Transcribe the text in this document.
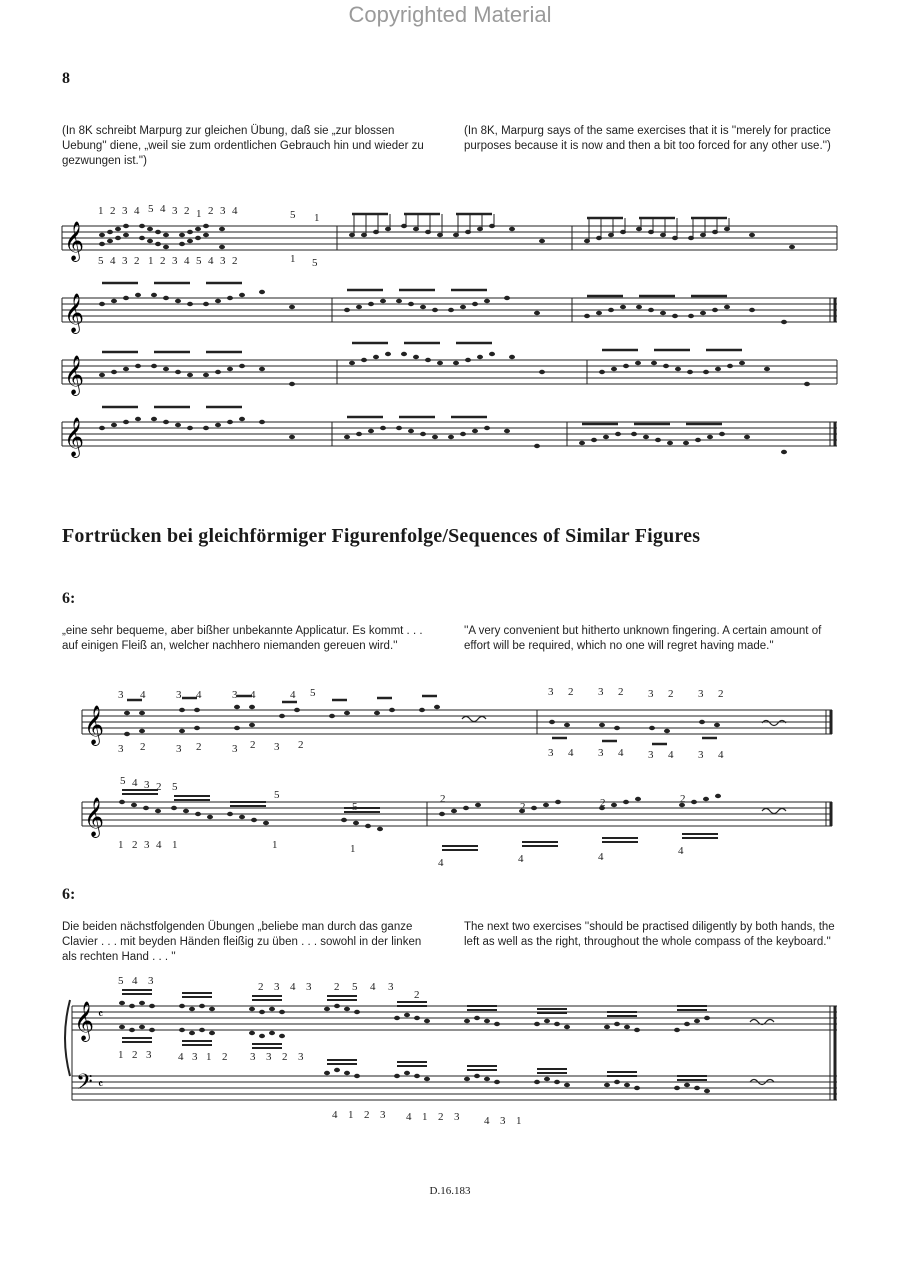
Copyrighted Material
8
(In 8K schreibt Marpurg zur gleichen Übung, daß sie „zur blossen Uebung'' diene, „weil sie zum ordentlichen Gebrauch hin und wieder zu gezwungen ist.'')
(In 8K, Marpurg says of the same exercises that it is ''merely for practice purposes because it is now and then a bit too forced for any other use.'')
𝄞
1 2 3 4 5 4 3 2 1 2 3 4	5 1
5 4 3 2 1 2 3 4 5 4 3 2	1 5
𝄞
𝄞
𝄞
Fortrücken bei gleichförmiger Figurenfolge/Sequences of Similar Figures
6:
„eine sehr bequeme, aber bißher unbekannte Applicatur. Es kommt . . . auf einigen Fleiß an, welcher nachhero niemanden gereuen wird.''
''A very convenient but hitherto unknown fingering. A certain amount of effort will be required, which no one will regret having made.''
𝄞
3 4	3 4	3 4	4 5
3 2	3 2	3 2 3 2
3 2 3 2 3 2 3 2
3 4 3 4 3 4 3 4
𝄞
5 4 3 2 5
5
5
1 2 3 4 1	1	1
2
2	2	2
4	4	4	4
6:
Die beiden nächstfolgenden Übungen „beliebe man durch das ganze Clavier . . . mit beyden Händen fleißig zu üben . . . sowohl in der linken als rechten Hand . . . ''
The next two exercises ''should be practised diligently by both hands, the left as well as the right, throughout the whole compass of the keyboard.''
𝄞
𝄢
𝄴
𝄴
5 4 3	2 3 4 3 2 5 4 3
2
1 2 3 4 3 1 2 3 3 2 3
4 1 2 3 4 1 2 3 4 3 1
D.16.183
